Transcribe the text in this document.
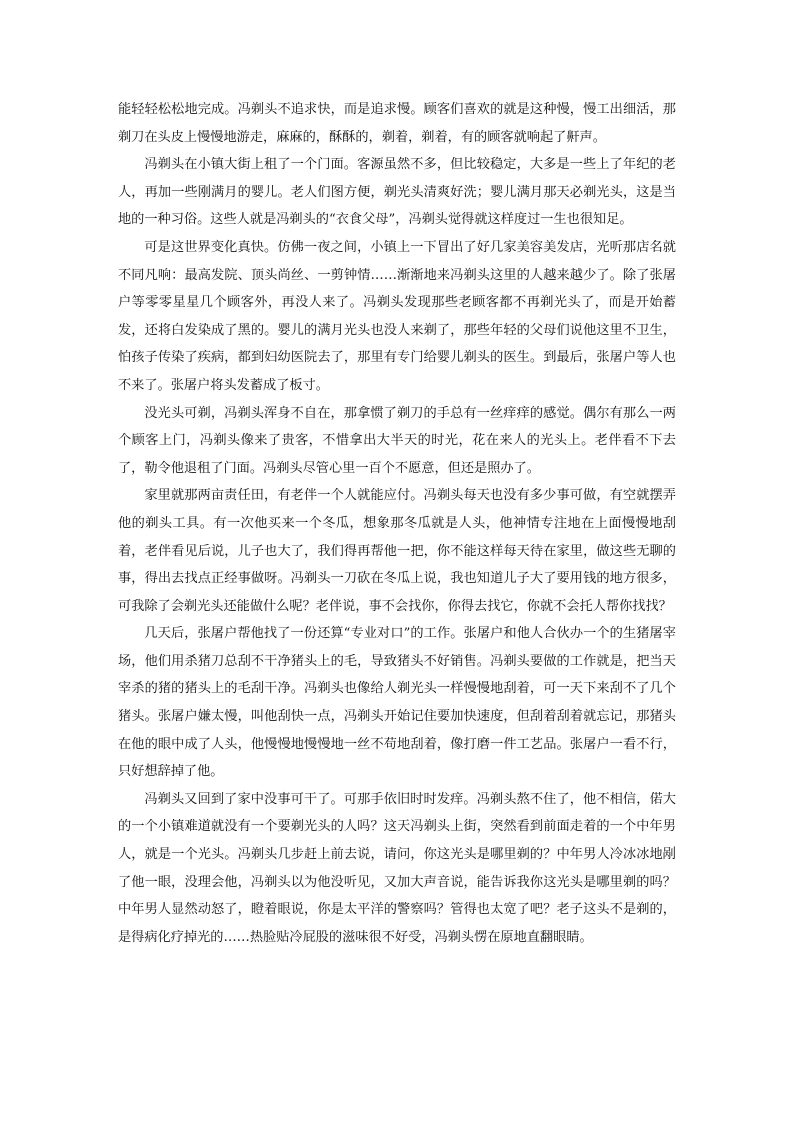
能轻轻松松地完成。冯剃头不追求快，而是追求慢。顾客们喜欢的就是这种慢，慢工出细活，那剃刀在头皮上慢慢地游走，麻麻的，酥酥的，剃着，剃着，有的顾客就响起了鼾声。

冯剃头在小镇大街上租了一个门面。客源虽然不多，但比较稳定，大多是一些上了年纪的老人，再加一些刚满月的婴儿。老人们图方便，剃光头清爽好洗；婴儿满月那天必剃光头，这是当地的一种习俗。这些人就是冯剃头的“衣食父母”，冯剃头觉得就这样度过一生也很知足。

可是这世界变化真快。仿佛一夜之间，小镇上一下冒出了好几家美容美发店，光听那店名就不同凡响：最高发院、顶头尚丝、一剪钟情……渐渐地来冯剃头这里的人越来越少了。除了张屠户等零零星星几个顾客外，再没人来了。冯剃头发现那些老顾客都不再剃光头了，而是开始蓄发，还将白发染成了黑的。婴儿的满月光头也没人来剃了，那些年轻的父母们说他这里不卫生，怕孩子传染了疾病，都到妇幼医院去了，那里有专门给婴儿剃头的医生。到最后，张屠户等人也不来了。张屠户将头发蓄成了板寸。

没光头可剃，冯剃头浑身不自在，那拿惯了剃刀的手总有一丝痒痒的感觉。偶尔有那么一两个顾客上门，冯剃头像来了贵客，不惜拿出大半天的时光，花在来人的光头上。老伴看不下去了，勒令他退租了门面。冯剃头尽管心里一百个不愿意，但还是照办了。

家里就那两亩责任田，有老伴一个人就能应付。冯剃头每天也没有多少事可做，有空就摆弄他的剃头工具。有一次他买来一个冬瓜，想象那冬瓜就是人头，他神情专注地在上面慢慢地刮着，老伴看见后说，儿子也大了，我们得再帮他一把，你不能这样每天待在家里，做这些无聊的事，得出去找点正经事做呀。冯剃头一刀砍在冬瓜上说，我也知道儿子大了要用钱的地方很多，可我除了会剃光头还能做什么呢？老伴说，事不会找你，你得去找它，你就不会托人帮你找找？

几天后，张屠户帮他找了一份还算“专业对口”的工作。张屠户和他人合伙办一个的生猪屠宰场，他们用杀猪刀总刮不干净猪头上的毛，导致猪头不好销售。冯剃头要做的工作就是，把当天宰杀的猪的猪头上的毛刮干净。冯剃头也像给人剃光头一样慢慢地刮着，可一天下来刮不了几个猪头。张屠户嫌太慢，叫他刮快一点，冯剃头开始记住要加快速度，但刮着刮着就忘记，那猪头在他的眼中成了人头，他慢慢地慢慢地一丝不苟地刮着，像打磨一件工艺品。张屠户一看不行，只好想辞掉了他。

冯剃头又回到了家中没事可干了。可那手依旧时时发痒。冯剃头熬不住了，他不相信，偌大的一个小镇难道就没有一个要剃光头的人吗？这天冯剃头上街，突然看到前面走着的一个中年男人，就是一个光头。冯剃头几步赶上前去说，请问，你这光头是哪里剃的？中年男人冷冰冰地剐了他一眼，没理会他，冯剃头以为他没听见，又加大声音说，能告诉我你这光头是哪里剃的吗？中年男人显然动怒了，瞪着眼说，你是太平洋的警察吗？管得也太宽了吧？老子这头不是剃的，是得病化疗掉光的……热脸贴冷屁股的滋味很不好受，冯剃头愣在原地直翻眼睛。
